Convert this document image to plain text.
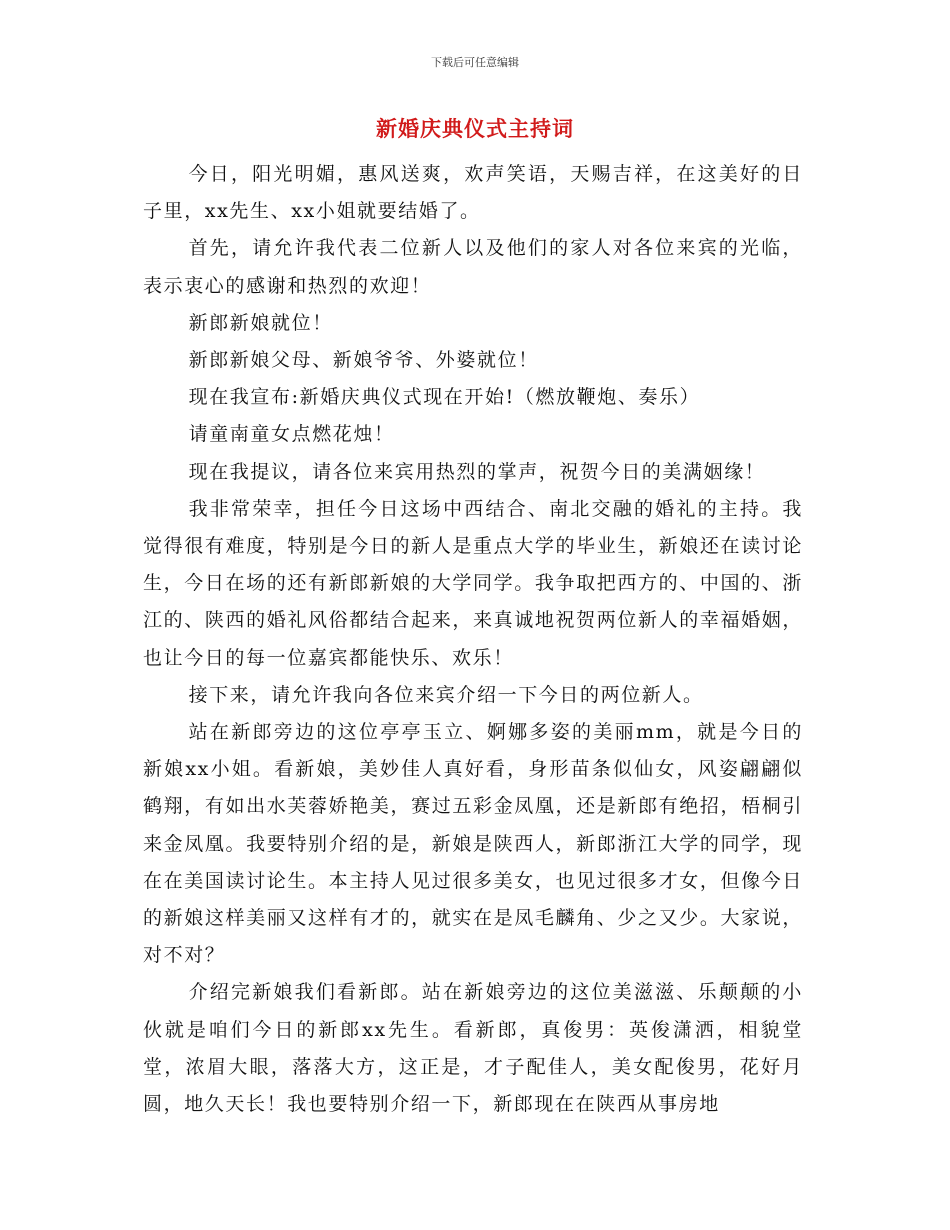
下载后可任意编辑
新婚庆典仪式主持词

今日，阳光明媚，惠风送爽，欢声笑语，天赐吉祥，在这美好的日子里，xx先生、xx小姐就要结婚了。

首先，请允许我代表二位新人以及他们的家人对各位来宾的光临，表示衷心的感谢和热烈的欢迎！

新郎新娘就位！

新郎新娘父母、新娘爷爷、外婆就位！

现在我宣布:新婚庆典仪式现在开始!（燃放鞭炮、奏乐）

请童南童女点燃花烛！

现在我提议，请各位来宾用热烈的掌声，祝贺今日的美满姻缘！

我非常荣幸，担任今日这场中西结合、南北交融的婚礼的主持。我觉得很有难度，特别是今日的新人是重点大学的毕业生，新娘还在读讨论生，今日在场的还有新郎新娘的大学同学。我争取把西方的、中国的、浙江的、陕西的婚礼风俗都结合起来，来真诚地祝贺两位新人的幸福婚姻，也让今日的每一位嘉宾都能快乐、欢乐！

接下来，请允许我向各位来宾介绍一下今日的两位新人。

站在新郎旁边的这位亭亭玉立、婀娜多姿的美丽mm，就是今日的新娘xx小姐。看新娘，美妙佳人真好看，身形苗条似仙女，风姿翩翩似鹤翔，有如出水芙蓉娇艳美，赛过五彩金凤凰，还是新郎有绝招，梧桐引来金凤凰。我要特别介绍的是，新娘是陕西人，新郎浙江大学的同学，现在在美国读讨论生。本主持人见过很多美女，也见过很多才女，但像今日的新娘这样美丽又这样有才的，就实在是凤毛麟角、少之又少。大家说，对不对？

介绍完新娘我们看新郎。站在新娘旁边的这位美滋滋、乐颠颠的小伙就是咱们今日的新郎xx先生。看新郎，真俊男：英俊潇洒，相貌堂堂，浓眉大眼，落落大方，这正是，才子配佳人，美女配俊男，花好月圆，地久天长！我也要特别介绍一下，新郎现在在陕西从事房地
